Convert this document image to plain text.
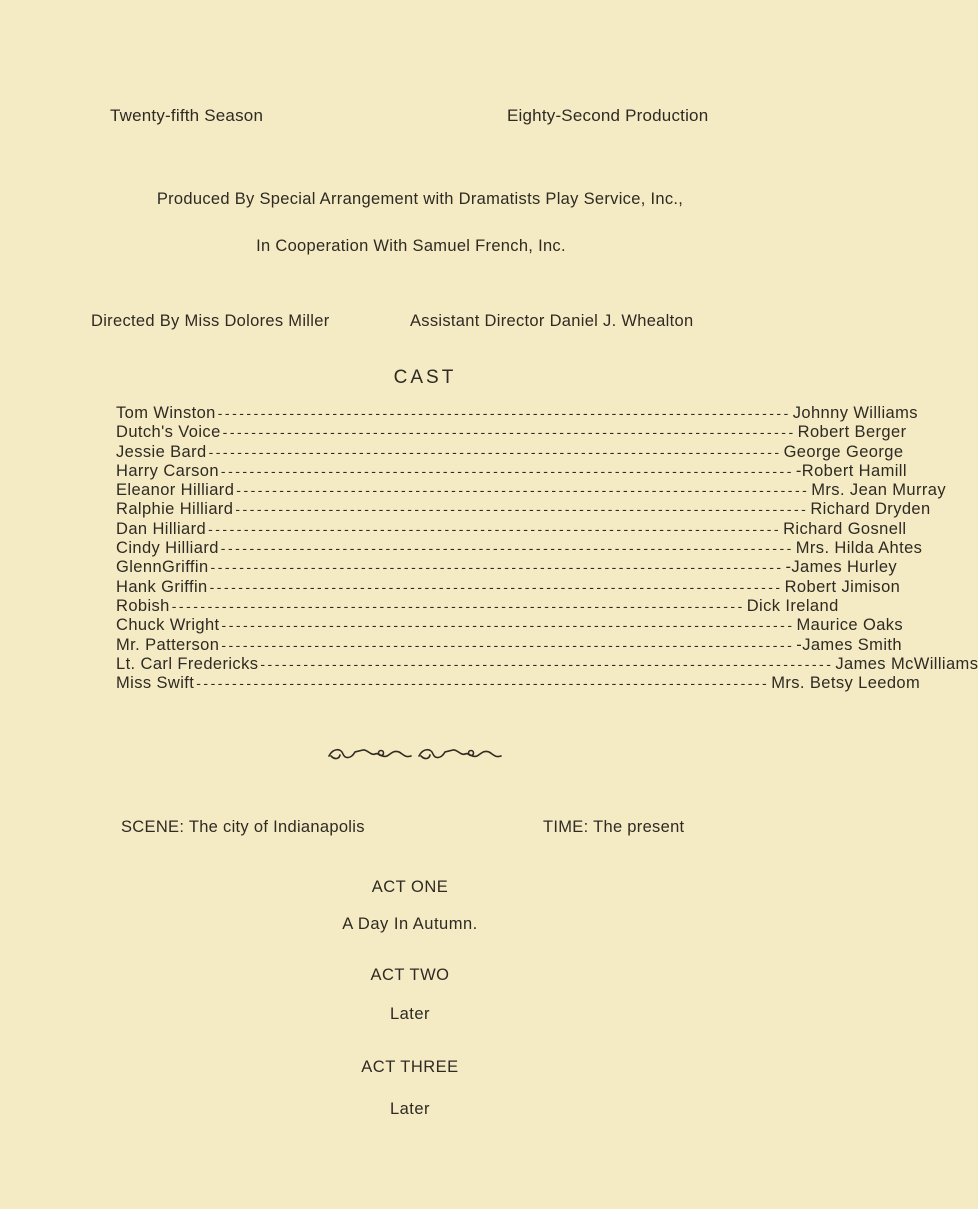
Twenty-fifth Season	Eighty-Second Production
Produced By Special Arrangement with Dramatists Play Service, Inc.,
In Cooperation With Samuel French, Inc.
Directed By Miss Dolores Miller	Assistant Director Daniel J. Whealton
CAST
Tom Winston -------------------------------------------------------------------------------- Johnny Williams
Dutch's Voice -------------------------------------------------------------------------------- Robert Berger
Jessie Bard -------------------------------------------------------------------------------- George George
Harry Carson -------------------------------------------------------------------------------- -Robert Hamill
Eleanor Hilliard -------------------------------------------------------------------------------- Mrs. Jean Murray
Ralphie Hilliard -------------------------------------------------------------------------------- Richard Dryden
Dan Hilliard -------------------------------------------------------------------------------- Richard Gosnell
Cindy Hilliard -------------------------------------------------------------------------------- Mrs. Hilda Ahtes
GlennGriffin -------------------------------------------------------------------------------- -James Hurley
Hank Griffin -------------------------------------------------------------------------------- Robert Jimison
Robish -------------------------------------------------------------------------------- Dick Ireland
Chuck Wright -------------------------------------------------------------------------------- Maurice Oaks
Mr. Patterson -------------------------------------------------------------------------------- -James Smith
Lt. Carl Fredericks -------------------------------------------------------------------------------- James McWilliams
Miss Swift -------------------------------------------------------------------------------- Mrs. Betsy Leedom
SCENE: The city of Indianapolis	TIME: The present
ACT ONE
A Day In Autumn.
ACT TWO
Later
ACT THREE
Later
